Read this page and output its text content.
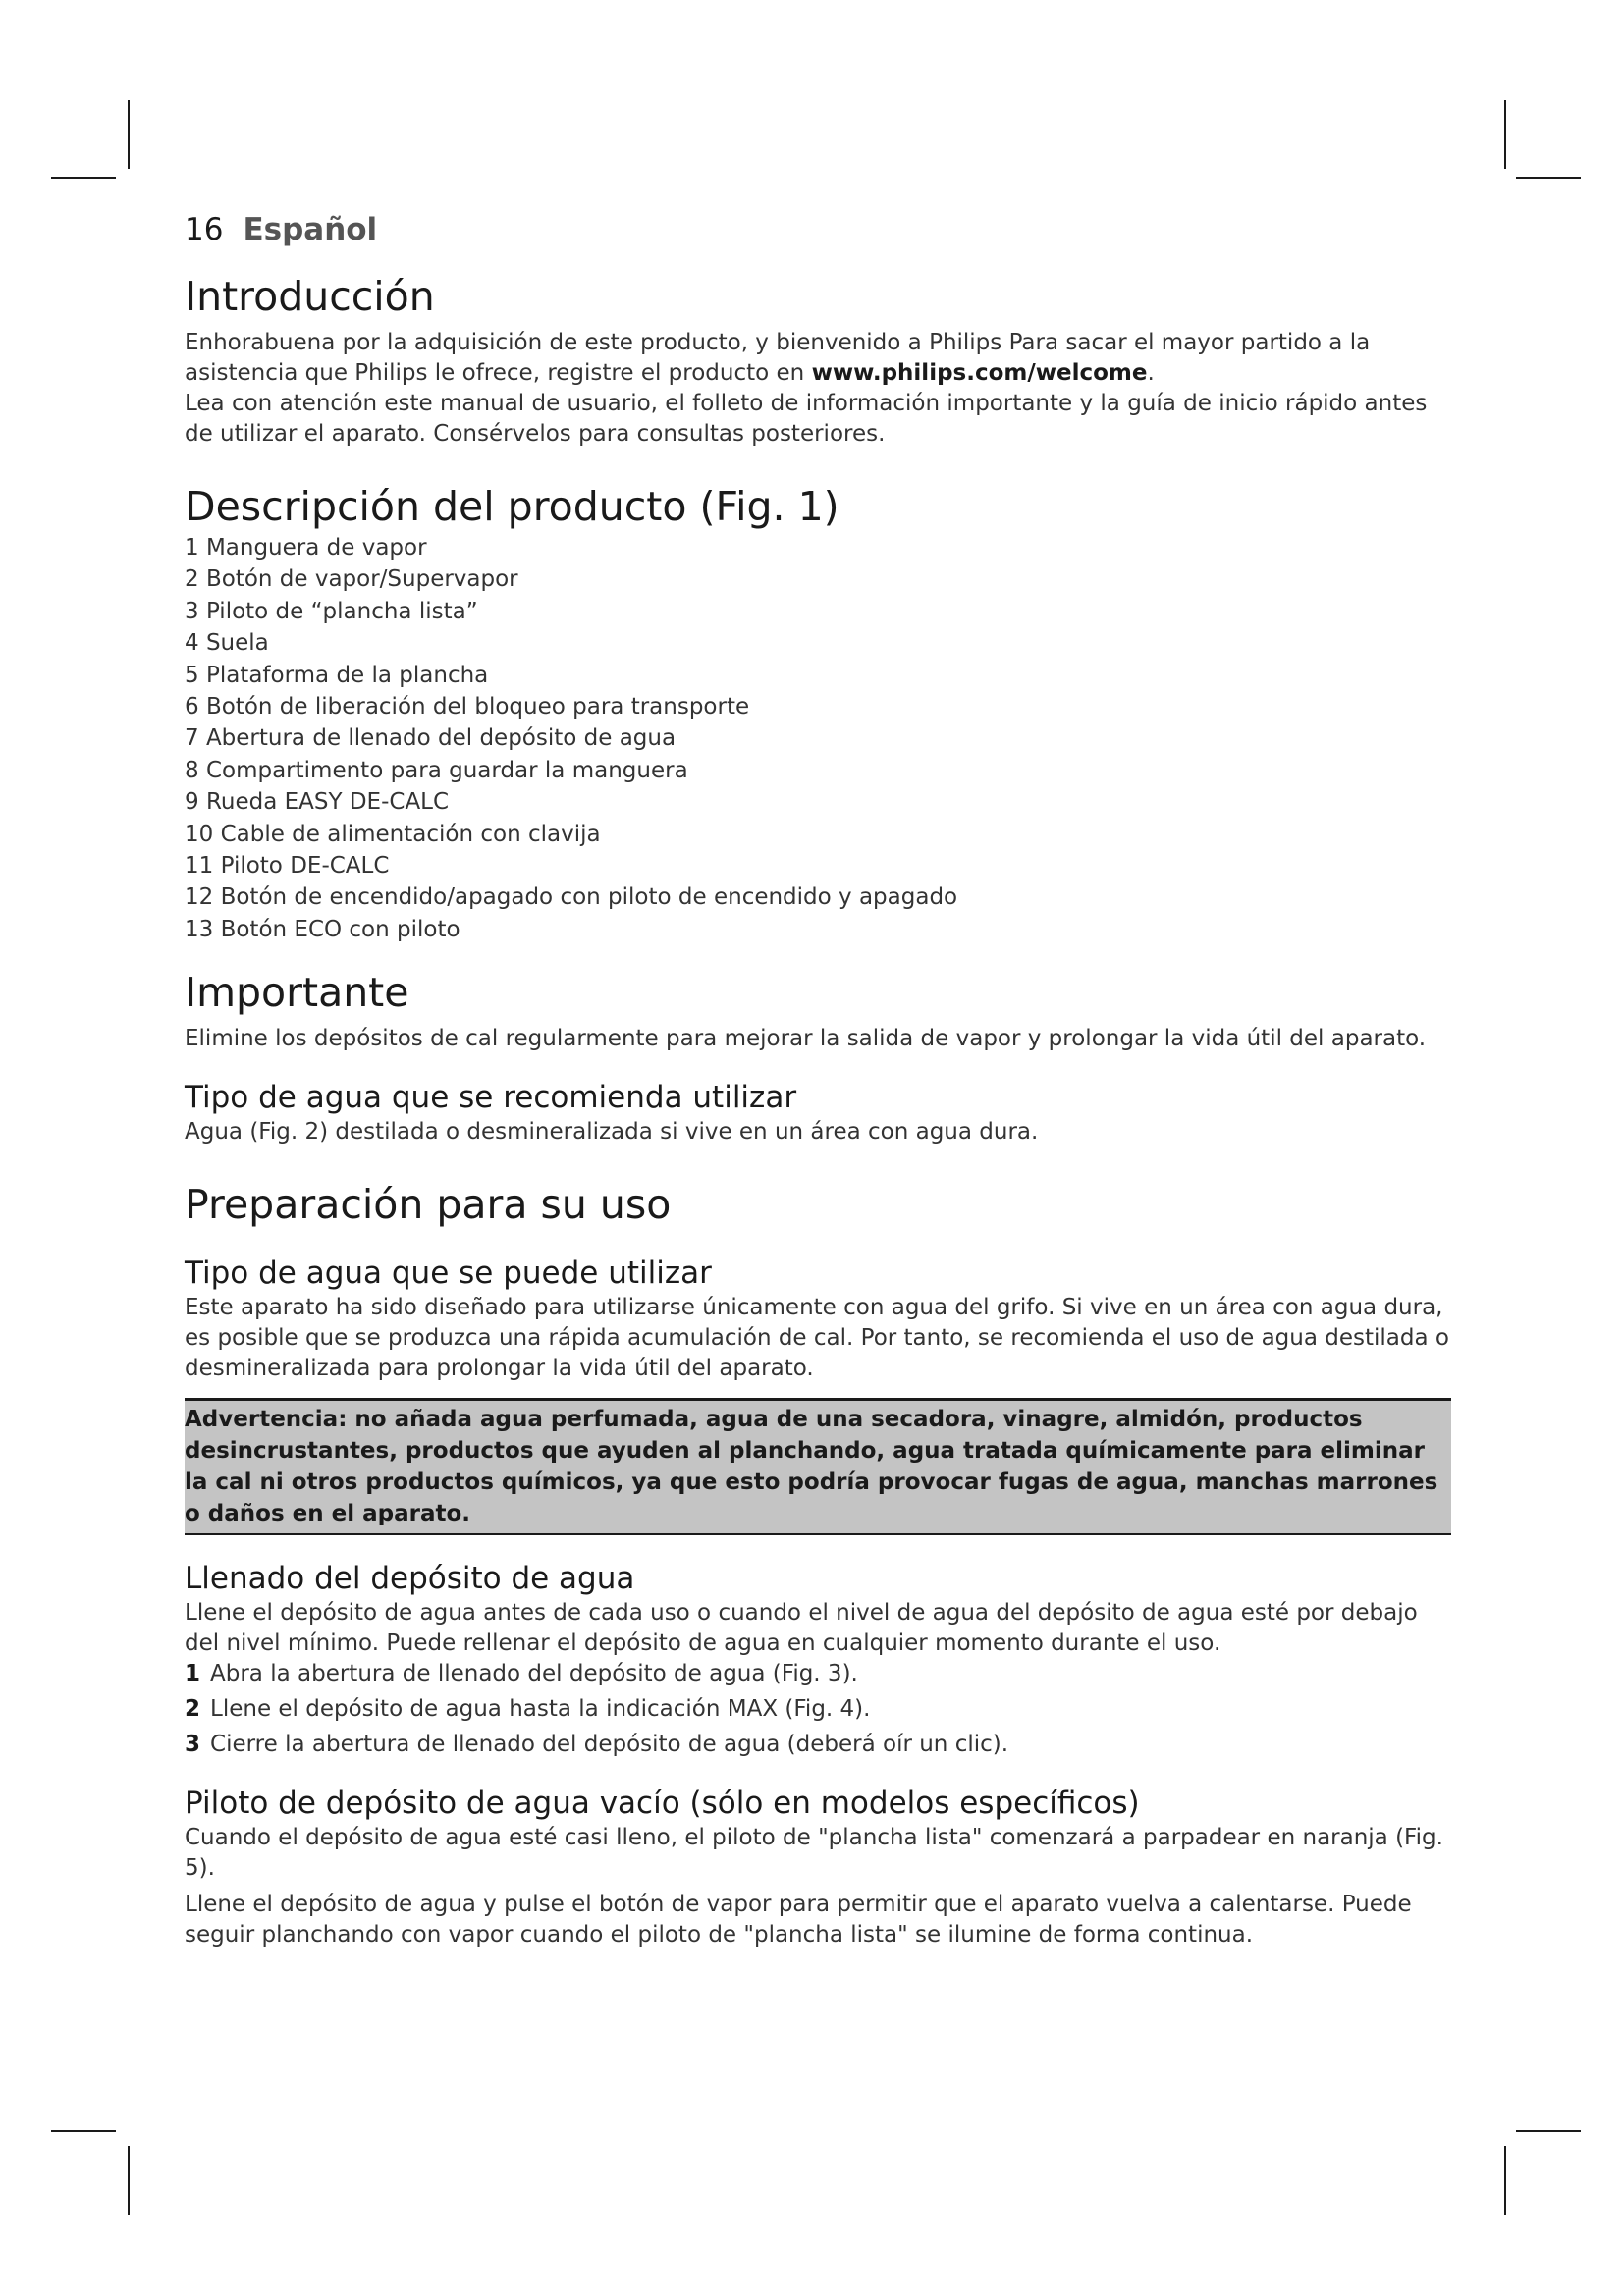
16 Español
Introducción

Enhorabuena por la adquisición de este producto, y bienvenido a Philips Para sacar el mayor partido a la asistencia que Philips le ofrece, registre el producto en www.philips.com/welcome.

Lea con atención este manual de usuario, el folleto de información importante y la guía de inicio rápido antes de utilizar el aparato. Consérvelos para consultas posteriores.

Descripción del producto (Fig. 1)
1 Manguera de vapor
2 Botón de vapor/Supervapor
3 Piloto de “plancha lista”
4 Suela
5 Plataforma de la plancha
6 Botón de liberación del bloqueo para transporte
7 Abertura de llenado del depósito de agua
8 Compartimento para guardar la manguera
9 Rueda EASY DE-CALC
10 Cable de alimentación con clavija
11 Piloto DE-CALC
12 Botón de encendido/apagado con piloto de encendido y apagado
13 Botón ECO con piloto
Importante

Elimine los depósitos de cal regularmente para mejorar la salida de vapor y prolongar la vida útil del aparato.

Tipo de agua que se recomienda utilizar

Agua (Fig. 2) destilada o desmineralizada si vive en un área con agua dura.

Preparación para su uso
Tipo de agua que se puede utilizar

Este aparato ha sido diseñado para utilizarse únicamente con agua del grifo. Si vive en un área con agua dura, es posible que se produzca una rápida acumulación de cal. Por tanto, se recomienda el uso de agua destilada o desmineralizada para prolongar la vida útil del aparato.

Advertencia: no añada agua perfumada, agua de una secadora, vinagre, almidón, productos desincrustantes, productos que ayuden al planchando, agua tratada químicamente para eliminar la cal ni otros productos químicos, ya que esto podría provocar fugas de agua, manchas marrones o daños en el aparato.

Llenado del depósito de agua

Llene el depósito de agua antes de cada uso o cuando el nivel de agua del depósito de agua esté por debajo del nivel mínimo. Puede rellenar el depósito de agua en cualquier momento durante el uso.

1 Abra la abertura de llenado del depósito de agua (Fig. 3).
2 Llene el depósito de agua hasta la indicación MAX (Fig. 4).
3 Cierre la abertura de llenado del depósito de agua (deberá oír un clic).
Piloto de depósito de agua vacío (sólo en modelos específicos)

Cuando el depósito de agua esté casi lleno, el piloto de "plancha lista" comenzará a parpadear en naranja (Fig. 5).

Llene el depósito de agua y pulse el botón de vapor para permitir que el aparato vuelva a calentarse. Puede seguir planchando con vapor cuando el piloto de "plancha lista" se ilumine de forma continua.
